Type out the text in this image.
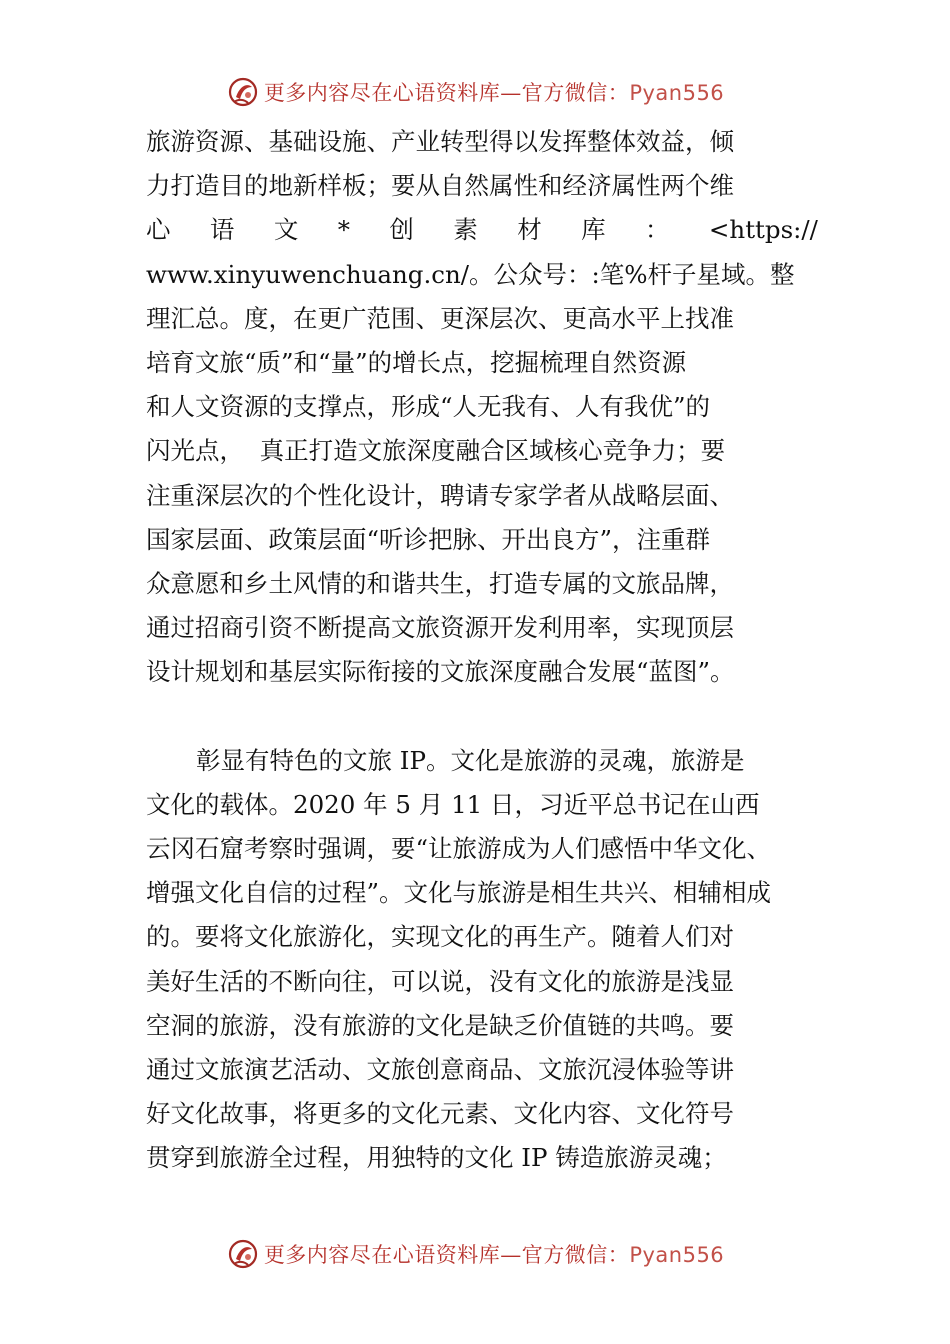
更多内容尽在心语资料库—官方微信：Pyan556
旅游资源、基础设施、产业转型得以发挥整体效益，倾
力打造目的地新样板；要从自然属性和经济属性两个维
心 语 文 * 创 素 材 库 ： <https://
www.xinyuwenchuang.cn/。公众号：:笔%杆子星域。整
理汇总。度，在更广范围、更深层次、更高水平上找准
培育文旅“质”和“量”的增长点，挖掘梳理自然资源
和人文资源的支撑点，形成“人无我有、人有我优”的
闪光点，  真正打造文旅深度融合区域核心竞争力；要
注重深层次的个性化设计，聘请专家学者从战略层面、
国家层面、政策层面“听诊把脉、开出良方”，注重群
众意愿和乡土风情的和谐共生，打造专属的文旅品牌，
通过招商引资不断提高文旅资源开发利用率，实现顶层
设计规划和基层实际衔接的文旅深度融合发展“蓝图”。
彰显有特色的文旅 IP。文化是旅游的灵魂，旅游是
文化的载体。2020 年 5 月 11 日，习近平总书记在山西
云冈石窟考察时强调，要“让旅游成为人们感悟中华文化、
增强文化自信的过程”。文化与旅游是相生共兴、相辅相成
的。要将文化旅游化，实现文化的再生产。随着人们对
美好生活的不断向往，可以说，没有文化的旅游是浅显
空洞的旅游，没有旅游的文化是缺乏价值链的共鸣。要
通过文旅演艺活动、文旅创意商品、文旅沉浸体验等讲
好文化故事，将更多的文化元素、文化内容、文化符号
贯穿到旅游全过程，用独特的文化 IP 铸造旅游灵魂；
更多内容尽在心语资料库—官方微信：Pyan556
